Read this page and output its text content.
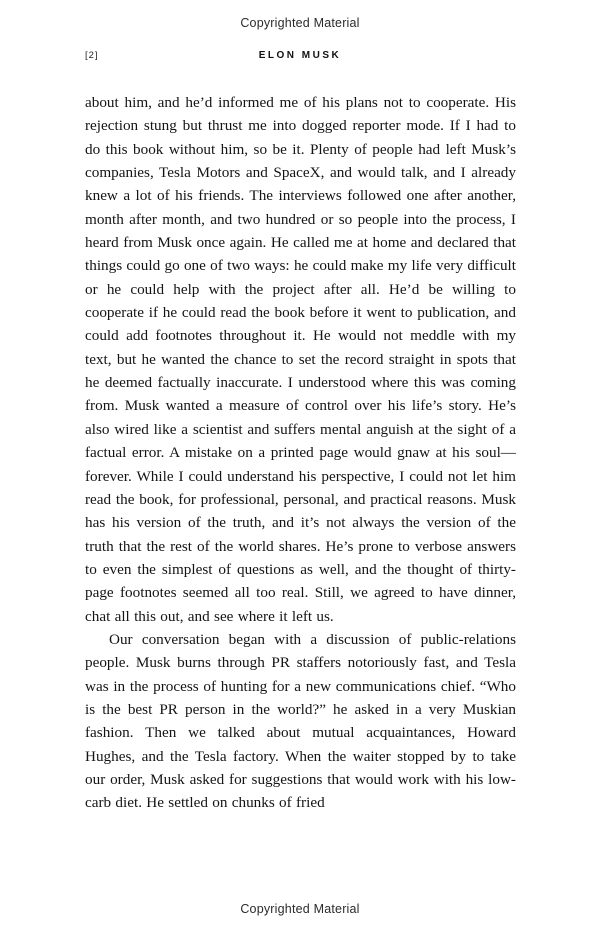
Copyrighted Material
[2]	ELON MUSK

about him, and he’d informed me of his plans not to cooperate. His rejection stung but thrust me into dogged reporter mode. If I had to do this book without him, so be it. Plenty of people had left Musk’s companies, Tesla Motors and SpaceX, and would talk, and I already knew a lot of his friends. The interviews followed one after another, month after month, and two hundred or so people into the process, I heard from Musk once again. He called me at home and declared that things could go one of two ways: he could make my life very difficult or he could help with the project after all. He’d be willing to cooperate if he could read the book before it went to publication, and could add footnotes throughout it. He would not meddle with my text, but he wanted the chance to set the record straight in spots that he deemed factually inaccurate. I understood where this was coming from. Musk wanted a measure of control over his life’s story. He’s also wired like a scientist and suffers mental anguish at the sight of a factual error. A mistake on a printed page would gnaw at his soul—forever. While I could understand his perspective, I could not let him read the book, for professional, personal, and practical reasons. Musk has his version of the truth, and it’s not always the version of the truth that the rest of the world shares. He’s prone to verbose answers to even the simplest of questions as well, and the thought of thirty-page footnotes seemed all too real. Still, we agreed to have dinner, chat all this out, and see where it left us.

Our conversation began with a discussion of public-relations people. Musk burns through PR staffers notoriously fast, and Tesla was in the process of hunting for a new communications chief. “Who is the best PR person in the world?” he asked in a very Muskian fashion. Then we talked about mutual acquaintances, Howard Hughes, and the Tesla factory. When the waiter stopped by to take our order, Musk asked for suggestions that would work with his low-carb diet. He settled on chunks of fried

Copyrighted Material
